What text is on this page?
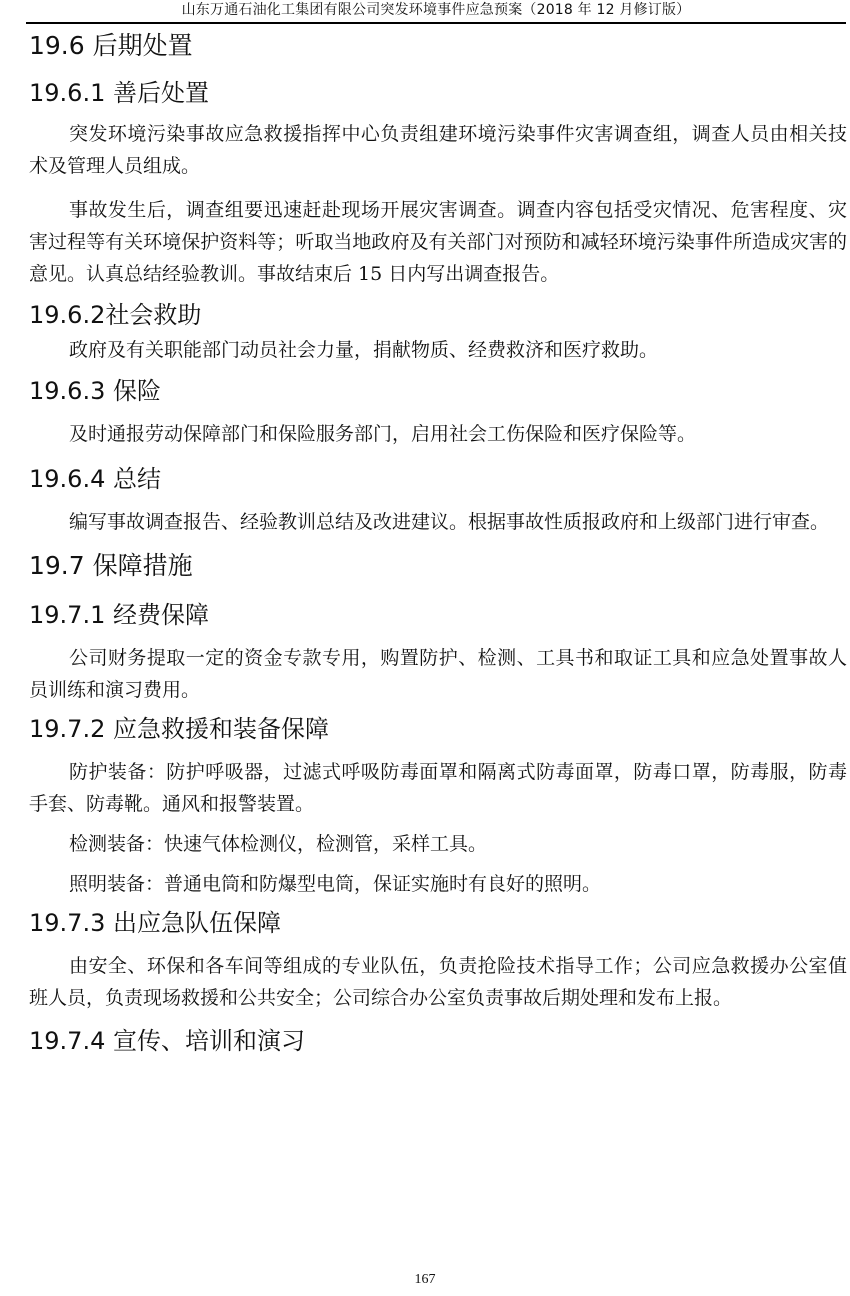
山东万通石油化工集团有限公司突发环境事件应急预案（2018 年 12 月修订版）
19.6 后期处置
19.6.1 善后处置

突发环境污染事故应急救援指挥中心负责组建环境污染事件灾害调查组，调查人员由相关技术及管理人员组成。

事故发生后，调查组要迅速赶赴现场开展灾害调查。调查内容包括受灾情况、危害程度、灾害过程等有关环境保护资料等；听取当地政府及有关部门对预防和减轻环境污染事件所造成灾害的意见。认真总结经验教训。事故结束后 15 日内写出调查报告。

19.6.2社会救助

政府及有关职能部门动员社会力量，捐献物质、经费救济和医疗救助。

19.6.3 保险

及时通报劳动保障部门和保险服务部门，启用社会工伤保险和医疗保险等。

19.6.4 总结

编写事故调查报告、经验教训总结及改进建议。根据事故性质报政府和上级部门进行审查。

19.7 保障措施
19.7.1 经费保障

公司财务提取一定的资金专款专用，购置防护、检测、工具书和取证工具和应急处置事故人员训练和演习费用。

19.7.2 应急救援和装备保障

防护装备：防护呼吸器，过滤式呼吸防毒面罩和隔离式防毒面罩，防毒口罩，防毒服，防毒手套、防毒靴。通风和报警装置。

检测装备：快速气体检测仪，检测管，采样工具。

照明装备：普通电筒和防爆型电筒，保证实施时有良好的照明。

19.7.3 出应急队伍保障

由安全、环保和各车间等组成的专业队伍，负责抢险技术指导工作；公司应急救援办公室值班人员，负责现场救援和公共安全；公司综合办公室负责事故后期处理和发布上报。

19.7.4 宣传、培训和演习
167
